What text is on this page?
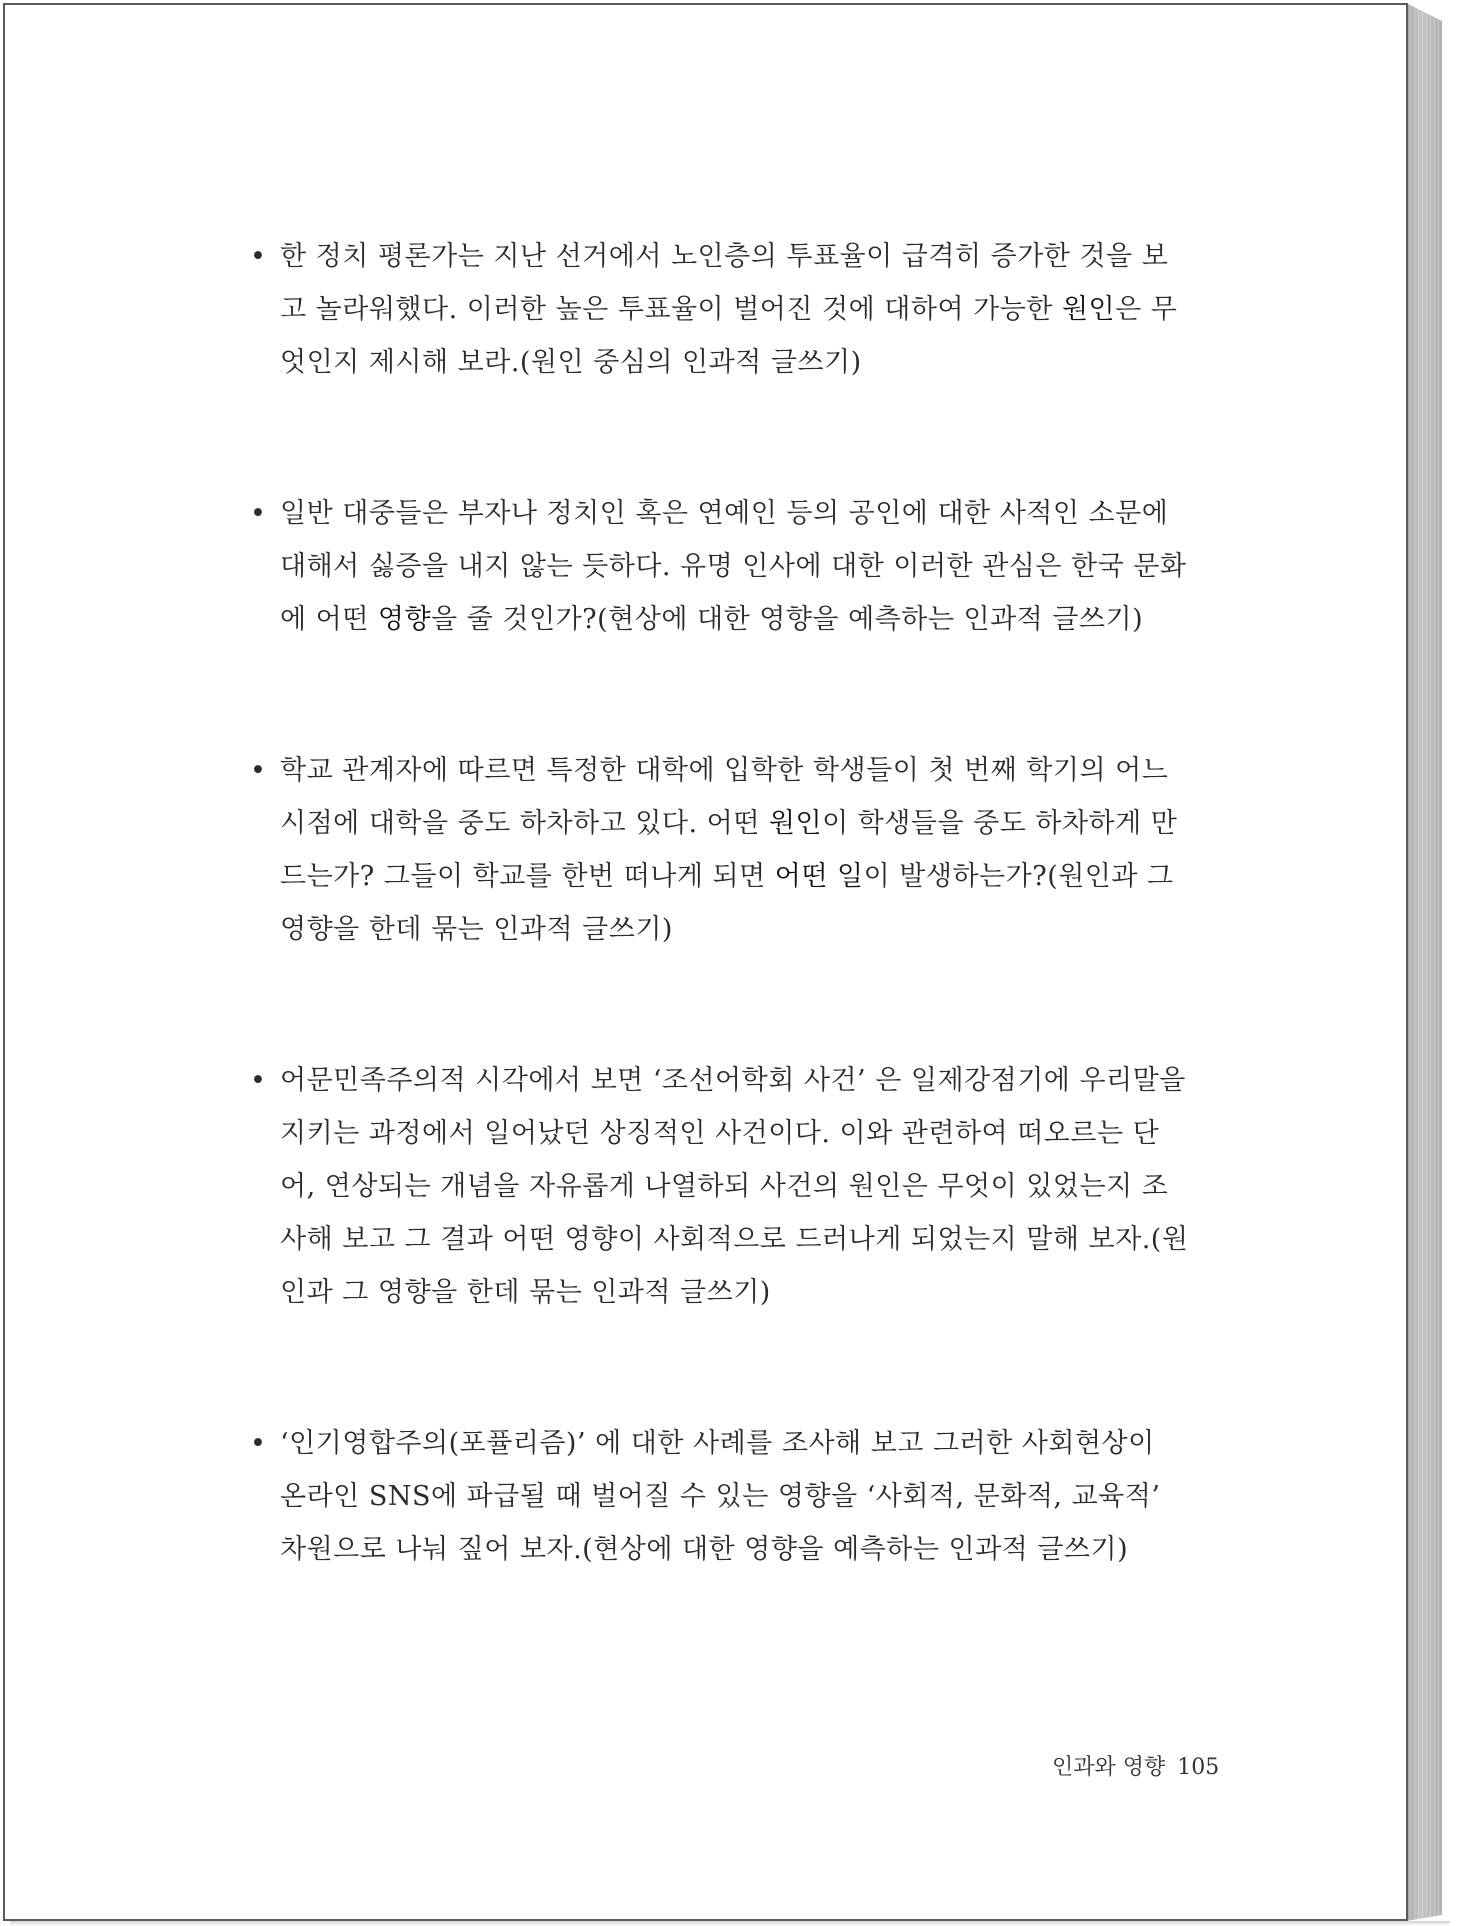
• 한 정치 평론가는 지난 선거에서 노인층의 투표율이 급격히 증가한 것을 보고 놀라워했다. 이러한 높은 투표율이 벌어진 것에 대하여 가능한 원인은 무엇인지 제시해 보라.(원인 중심의 인과적 글쓰기)
• 일반 대중들은 부자나 정치인 혹은 연예인 등의 공인에 대한 사적인 소문에 대해서 싫증을 내지 않는 듯하다. 유명 인사에 대한 이러한 관심은 한국 문화에 어떤 영향을 줄 것인가?(현상에 대한 영향을 예측하는 인과적 글쓰기)
• 학교 관계자에 따르면 특정한 대학에 입학한 학생들이 첫 번째 학기의 어느 시점에 대학을 중도 하차하고 있다. 어떤 원인이 학생들을 중도 하차하게 만드는가? 그들이 학교를 한번 떠나게 되면 어떤 일이 발생하는가?(원인과 그 영향을 한데 묶는 인과적 글쓰기)
• 어문민족주의적 시각에서 보면 ‘조선어학회 사건’ 은 일제강점기에 우리말을 지키는 과정에서 일어났던 상징적인 사건이다. 이와 관련하여 떠오르는 단어, 연상되는 개념을 자유롭게 나열하되 사건의 원인은 무엇이 있었는지 조사해 보고 그 결과 어떤 영향이 사회적으로 드러나게 되었는지 말해 보자.(원인과 그 영향을 한데 묶는 인과적 글쓰기)
• ‘인기영합주의(포퓰리즘)’ 에 대한 사례를 조사해 보고 그러한 사회현상이 온라인 SNS에 파급될 때 벌어질 수 있는 영향을 ‘사회적, 문화적, 교육적’ 차원으로 나눠 짚어 보자.(현상에 대한 영향을 예측하는 인과적 글쓰기)
인과와 영향 105
